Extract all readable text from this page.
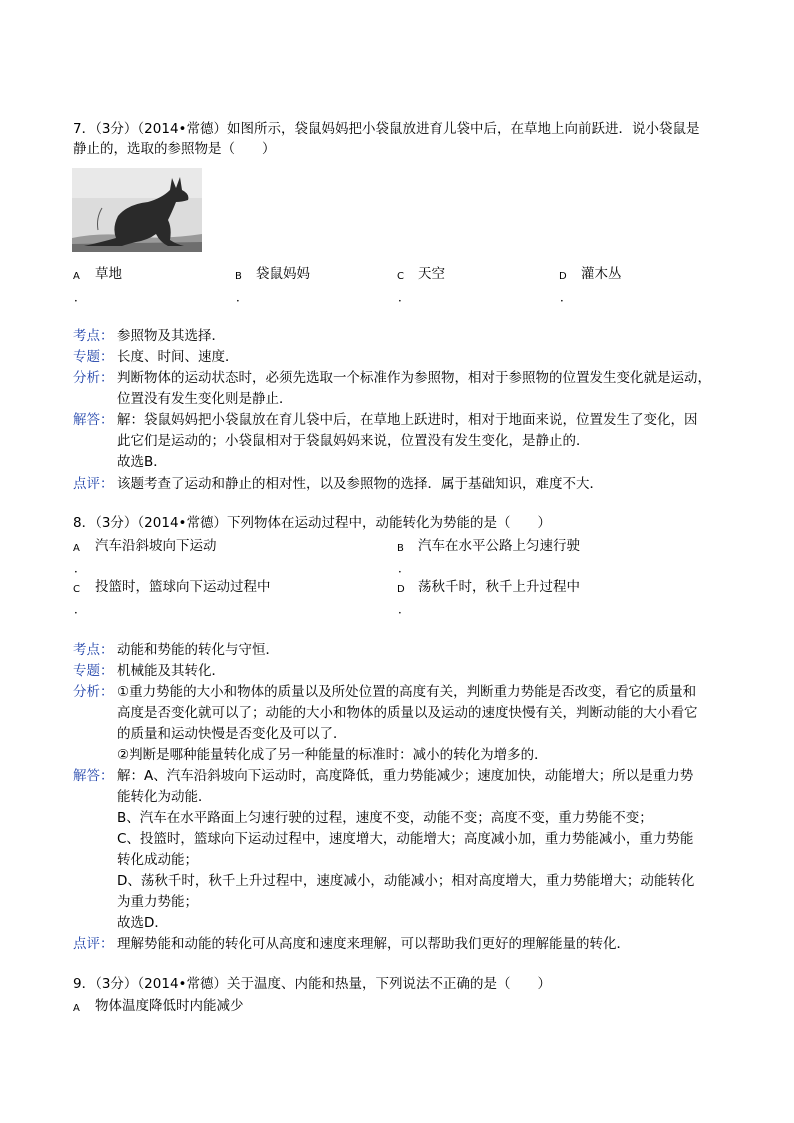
7．（3分）（2014•常德）如图所示，袋鼠妈妈把小袋鼠放进育儿袋中后，在草地上向前跃进．说小袋鼠是
静止的，选取的参照物是（　　）
A 草地
．
B 袋鼠妈妈
．
C 天空
．
D 灌木丛
．
考点： 参照物及其选择．
专题： 长度、时间、速度．
分析： 判断物体的运动状态时，必须先选取一个标准作为参照物，相对于参照物的位置发生变化就是运动，
位置没有发生变化则是静止．
解答： 解：袋鼠妈妈把小袋鼠放在育儿袋中后，在草地上跃进时，相对于地面来说，位置发生了变化，因
此它们是运动的；小袋鼠相对于袋鼠妈妈来说，位置没有发生变化，是静止的．
故选B．
点评： 该题考查了运动和静止的相对性，以及参照物的选择．属于基础知识，难度不大．
8．（3分）（2014•常德）下列物体在运动过程中，动能转化为势能的是（　　）
A 汽车沿斜坡向下运动
．
B 汽车在水平公路上匀速行驶
．
C 投篮时，篮球向下运动过程中
．
D 荡秋千时，秋千上升过程中
．
考点： 动能和势能的转化与守恒．
专题： 机械能及其转化．
分析： ①重力势能的大小和物体的质量以及所处位置的高度有关，判断重力势能是否改变，看它的质量和
高度是否变化就可以了；动能的大小和物体的质量以及运动的速度快慢有关，判断动能的大小看它
的质量和运动快慢是否变化及可以了．
②判断是哪种能量转化成了另一种能量的标准时：减小的转化为增多的．
解答： 解：A、汽车沿斜坡向下运动时，高度降低，重力势能减少；速度加快，动能增大；所以是重力势
能转化为动能．
B、汽车在水平路面上匀速行驶的过程，速度不变，动能不变；高度不变，重力势能不变；
C、投篮时，篮球向下运动过程中，速度增大，动能增大；高度减小加，重力势能减小，重力势能
转化成动能；
D、荡秋千时，秋千上升过程中，速度减小，动能减小；相对高度增大，重力势能增大；动能转化
为重力势能；
故选D．
点评： 理解势能和动能的转化可从高度和速度来理解，可以帮助我们更好的理解能量的转化．
9．（3分）（2014•常德）关于温度、内能和热量，下列说法不正确的是（　　）
A 物体温度降低时内能减少
